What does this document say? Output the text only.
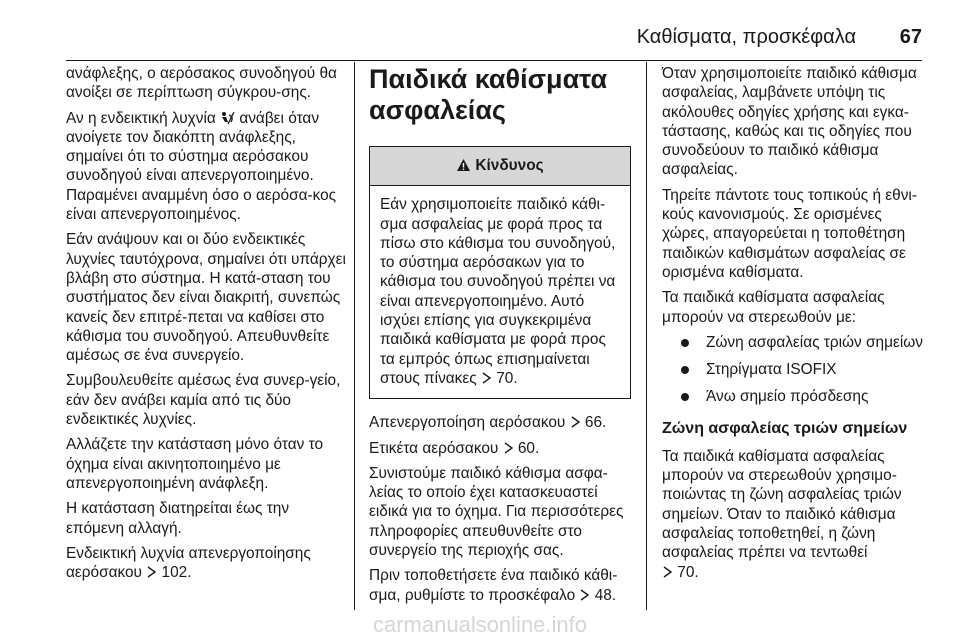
Καθίσματα, προσκέφαλα 67

ανάφλεξης, ο αερόσακος συνοδηγού θα ανοίξει σε περίπτωση σύγκρου-σης.

Αν η ενδεικτική λυχνία ανάβει όταν ανοίγετε τον διακόπτη ανάφλεξης, σημαίνει ότι το σύστημα αερόσακου συνοδηγού είναι απενεργοποιημένο. Παραμένει αναμμένη όσο ο αερόσα-κος είναι απενεργοποιημένος.

Εάν ανάψουν και οι δύο ενδεικτικές λυχνίες ταυτόχρονα, σημαίνει ότι υπάρχει βλάβη στο σύστημα. Η κατά-σταση του συστήματος δεν είναι διακριτή, συνεπώς κανείς δεν επιτρέ-πεται να καθίσει στο κάθισμα του συνοδηγού. Απευθυνθείτε αμέσως σε ένα συνεργείο.

Συμβουλευθείτε αμέσως ένα συνερ-γείο, εάν δεν ανάβει καμία από τις δύο ενδεικτικές λυχνίες.

Αλλάζετε την κατάσταση μόνο όταν το όχημα είναι ακινητοποιημένο με απενεργοποιημένη ανάφλεξη.

Η κατάσταση διατηρείται έως την επόμενη αλλαγή.

Ενδεικτική λυχνία απενεργοποίησης αερόσακου 102.

Παιδικά καθίσματα ασφαλείας
Κίνδυνος
Εάν χρησιμοποιείτε παιδικό κάθι-σμα ασφαλείας με φορά προς τα πίσω στο κάθισμα του συνοδηγού, το σύστημα αερόσακων για το κάθισμα του συνοδηγού πρέπει να είναι απενεργοποιημένο. Αυτό ισχύει επίσης για συγκεκριμένα παιδικά καθίσματα με φορά προς τα εμπρός όπως επισημαίνεται στους πίνακες 70.

Απενεργοποίηση αερόσακου 66.

Ετικέτα αερόσακου 60.

Συνιστούμε παιδικό κάθισμα ασφα-λείας το οποίο έχει κατασκευαστεί ειδικά για το όχημα. Για περισσότερες πληροφορίες απευθυνθείτε στο συνεργείο της περιοχής σας.

Πριν τοποθετήσετε ένα παιδικό κάθι-σμα, ρυθμίστε το προσκέφαλο 48.

Όταν χρησιμοποιείτε παιδικό κάθισμα ασφαλείας, λαμβάνετε υπόψη τις ακόλουθες οδηγίες χρήσης και εγκα-τάστασης, καθώς και τις οδηγίες που συνοδεύουν το παιδικό κάθισμα ασφαλείας.

Τηρείτε πάντοτε τους τοπικούς ή εθνι-κούς κανονισμούς. Σε ορισμένες χώρες, απαγορεύεται η τοποθέτηση παιδικών καθισμάτων ασφαλείας σε ορισμένα καθίσματα.

Τα παιδικά καθίσματα ασφαλείας μπορούν να στερεωθούν με:

Ζώνη ασφαλείας τριών σημείων
Στηρίγματα ISOFIX
Άνω σημείο πρόσδεσης
Ζώνη ασφαλείας τριών σημείων

Τα παιδικά καθίσματα ασφαλείας μπορούν να στερεωθούν χρησιμο-ποιώντας τη ζώνη ασφαλείας τριών σημείων. Όταν το παιδικό κάθισμα ασφαλείας τοποθετηθεί, η ζώνη ασφαλείας πρέπει να τεντωθεί
70.

carmanualsonline.info
